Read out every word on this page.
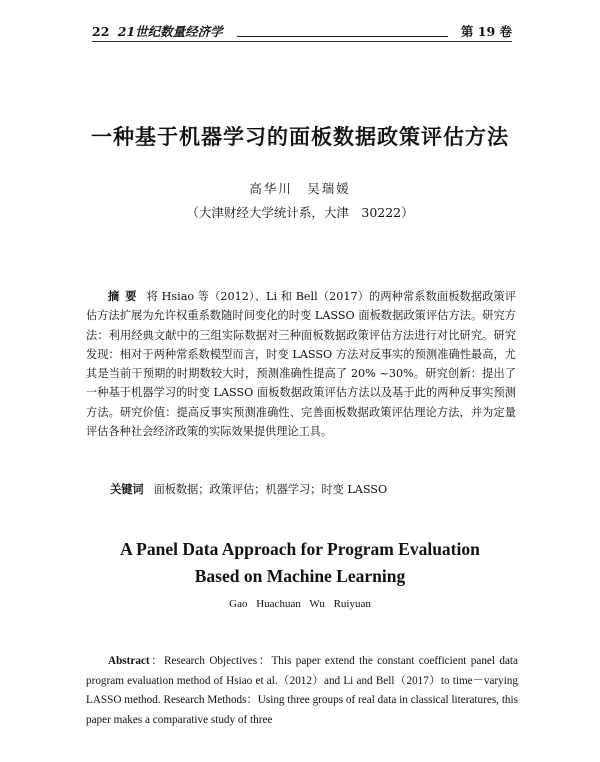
22 21世纪数量经济学	第 19 卷
一种基于机器学习的面板数据政策评估方法
高华川　吴瑞媛
（大津财经大学统计系，大津　30222）
摘要 将 Hsiao 等（2012）、Li 和 Bell（2017）的两种常系数面板数据政策评估方法扩展为允许权重系数随时间变化的时变 LASSO 面板数据政策评估方法。研究方法：利用经典文献中的三组实际数据对三种面板数据政策评估方法进行对比研究。研究发现：相对于两种常系数模型而言，时变 LASSO 方法对反事实的预测准确性最高，尤其是当前干预期的时期数较大时，预测准确性提高了 20% ~30%。研究创新：提出了一种基于机器学习的时变 LASSO 面板数据政策评估方法以及基于此的两种反事实预测方法。研究价值：提高反事实预测准确性、完善面板数据政策评估理论方法，并为定量评估各种社会经济政策的实际效果提供理论工具。
关键词 面板数据；政策评估；机器学习；时变 LASSO
A Panel Data Approach for Program Evaluation
Based on Machine Learning
Gao Huachuan Wu Ruiyuan
Abstract：Research Objectives：This paper extend the constant coefficient panel data program evaluation method of Hsiao et al.（2012）and Li and Bell（2017）to time－varying LASSO method. Research Methods：Using three groups of real data in classical literatures, this paper makes a comparative study of three
